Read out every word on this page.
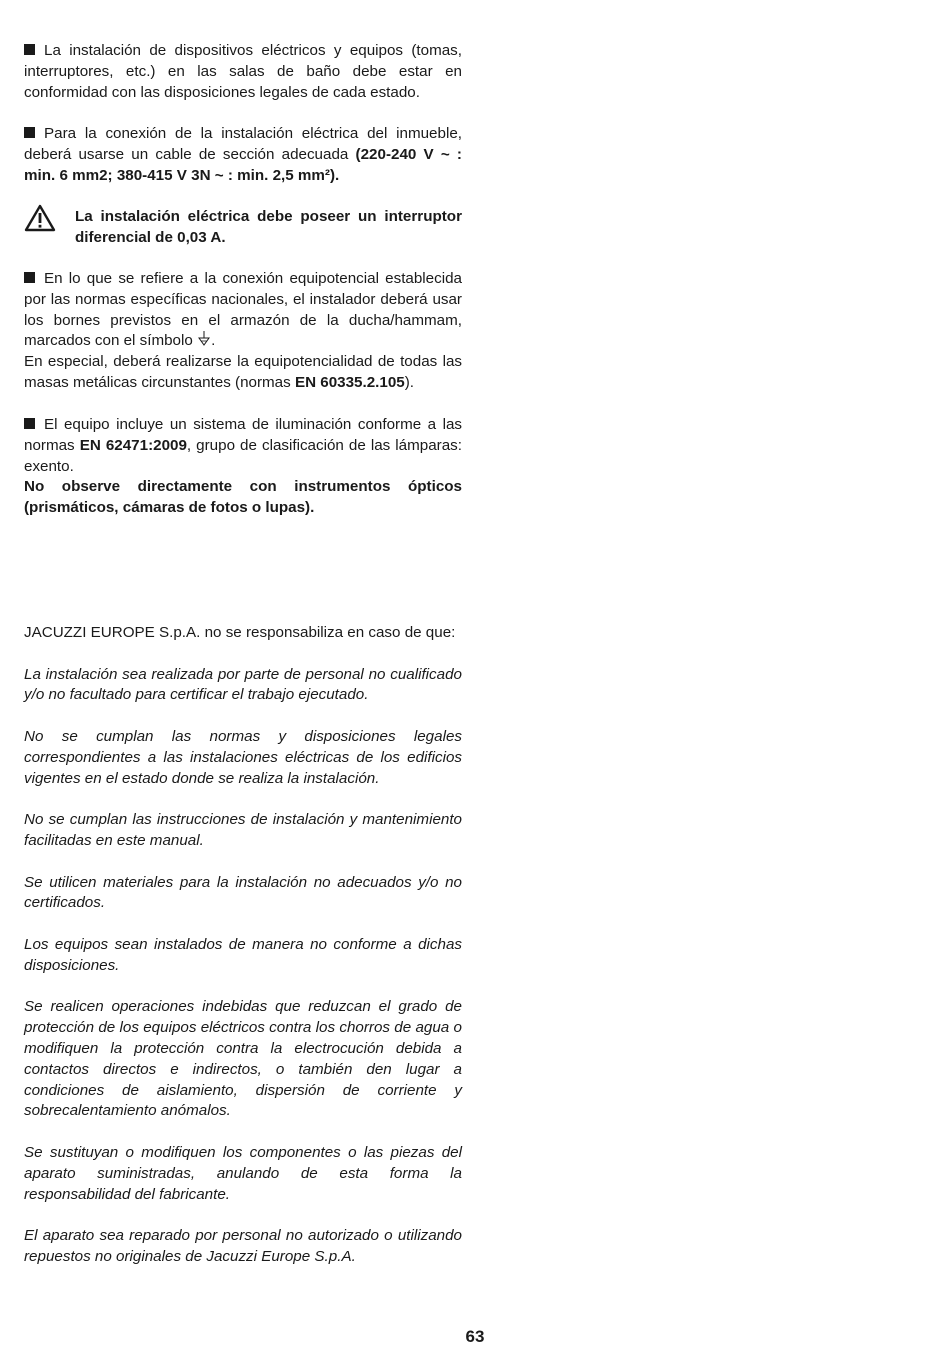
La instalación de dispositivos eléctricos y equipos (tomas, interruptores, etc.) en las salas de baño debe estar en conformidad con las disposiciones legales de cada estado.

Para la conexión de la instalación eléctrica del inmueble, deberá usarse un cable de sección adecuada (220-240 V ~ : min. 6 mm2; 380-415 V 3N ~ : min. 2,5 mm²).

La instalación eléctrica debe poseer un interruptor diferencial de 0,03 A.

En lo que se refiere a la conexión equipotencial establecida por las normas específicas nacionales, el instalador deberá usar los bornes previstos en el armazón de la ducha/hammam, marcados con el símbolo .

En especial, deberá realizarse la equipotencialidad de todas las masas metálicas circunstantes (normas EN 60335.2.105).

El equipo incluye un sistema de iluminación conforme a las normas EN 62471:2009, grupo de clasificación de las lámparas: exento.

No observe directamente con instrumentos ópticos (prismáticos, cámaras de fotos o lupas).

JACUZZI EUROPE S.p.A. no se responsabiliza en caso de que:

La instalación sea realizada por parte de personal no cualificado y/o no facultado para certificar el trabajo ejecutado.

No se cumplan las normas y disposiciones legales correspondientes a las instalaciones eléctricas de los edificios vigentes en el estado donde se realiza la instalación.

No se cumplan las instrucciones de instalación y mantenimiento facilitadas en este manual.

Se utilicen materiales para la instalación no adecuados y/o no certificados.

Los equipos sean instalados de manera no conforme a dichas disposiciones.

Se realicen operaciones indebidas que reduzcan el grado de protección de los equipos eléctricos contra los chorros de agua o modifiquen la protección contra la electrocución debida a contactos directos e indirectos, o también den lugar a condiciones de aislamiento, dispersión de corriente y sobrecalentamiento anómalos.

Se sustituyan o modifiquen los componentes o las piezas del aparato suministradas, anulando de esta forma la responsabilidad del fabricante.

El aparato sea reparado por personal no autorizado o utilizando repuestos no originales de Jacuzzi Europe S.p.A.

63
